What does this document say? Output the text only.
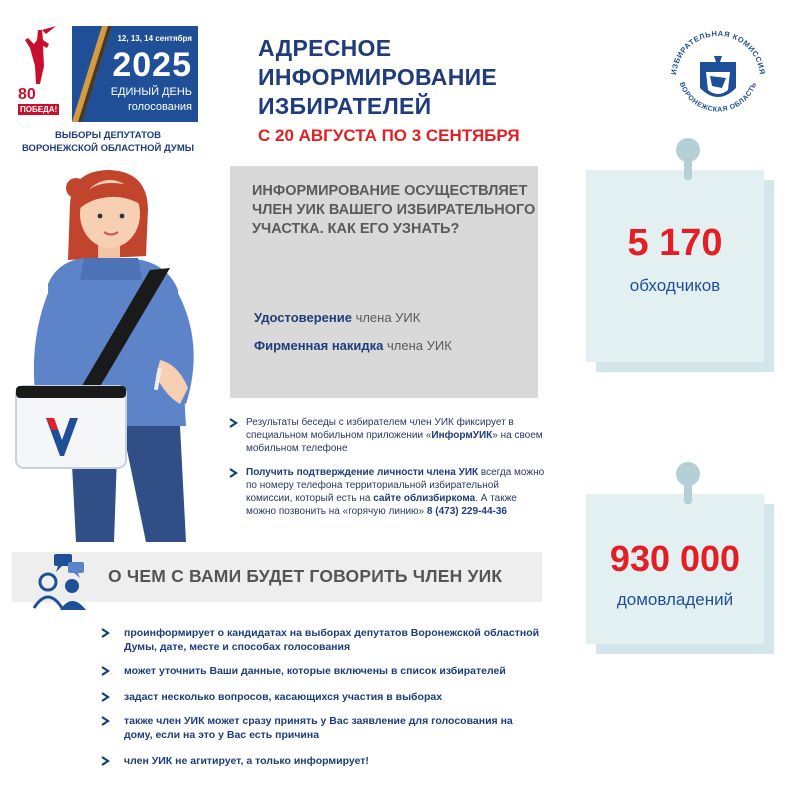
80
ПОБЕДА!
12, 13, 14 сентября
2025
ЕДИНЫЙ ДЕНЬ
голосования
ВЫБОРЫ ДЕПУТАТОВ ВОРОНЕЖСКОЙ ОБЛАСТНОЙ ДУМЫ
АДРЕСНОЕ
ИНФОРМИРОВАНИЕ
ИЗБИРАТЕЛЕЙ
С 20 АВГУСТА ПО 3 СЕНТЯБРЯ
ИЗБИРАТЕЛЬНАЯ КОМИССИЯ
ВОРОНЕЖСКАЯ ОБЛАСТЬ
ИНФОРМИРОВАНИЕ ОСУЩЕСТВЛЯЕТ ЧЛЕН УИК ВАШЕГО ИЗБИРАТЕЛЬНОГО УЧАСТКА. КАК ЕГО УЗНАТЬ?
Удостоверение члена УИК
Фирменная накидка члена УИК
Результаты беседы с избирателем член УИК фиксирует в специальном мобильном приложении «ИнформУИК» на своем мобильном телефоне
Получить подтверждение личности члена УИК всегда можно по номеру телефона территориальной избирательной комиссии, который есть на сайте облизбиркома. А также можно позвонить на «горячую линию» 8 (473) 229-44-36
5 170
обходчиков
930 000
домовладений
О ЧЕМ С ВАМИ БУДЕТ ГОВОРИТЬ ЧЛЕН УИК
проинформирует о кандидатах на выборах депутатов Воронежской областной Думы, дате, месте и способах голосования
может уточнить Ваши данные, которые включены в список избирателей
задаст несколько вопросов, касающихся участия в выборах
также член УИК может сразу принять у Вас заявление для голосования на дому, если на это у Вас есть причина
член УИК не агитирует, а только информирует!
